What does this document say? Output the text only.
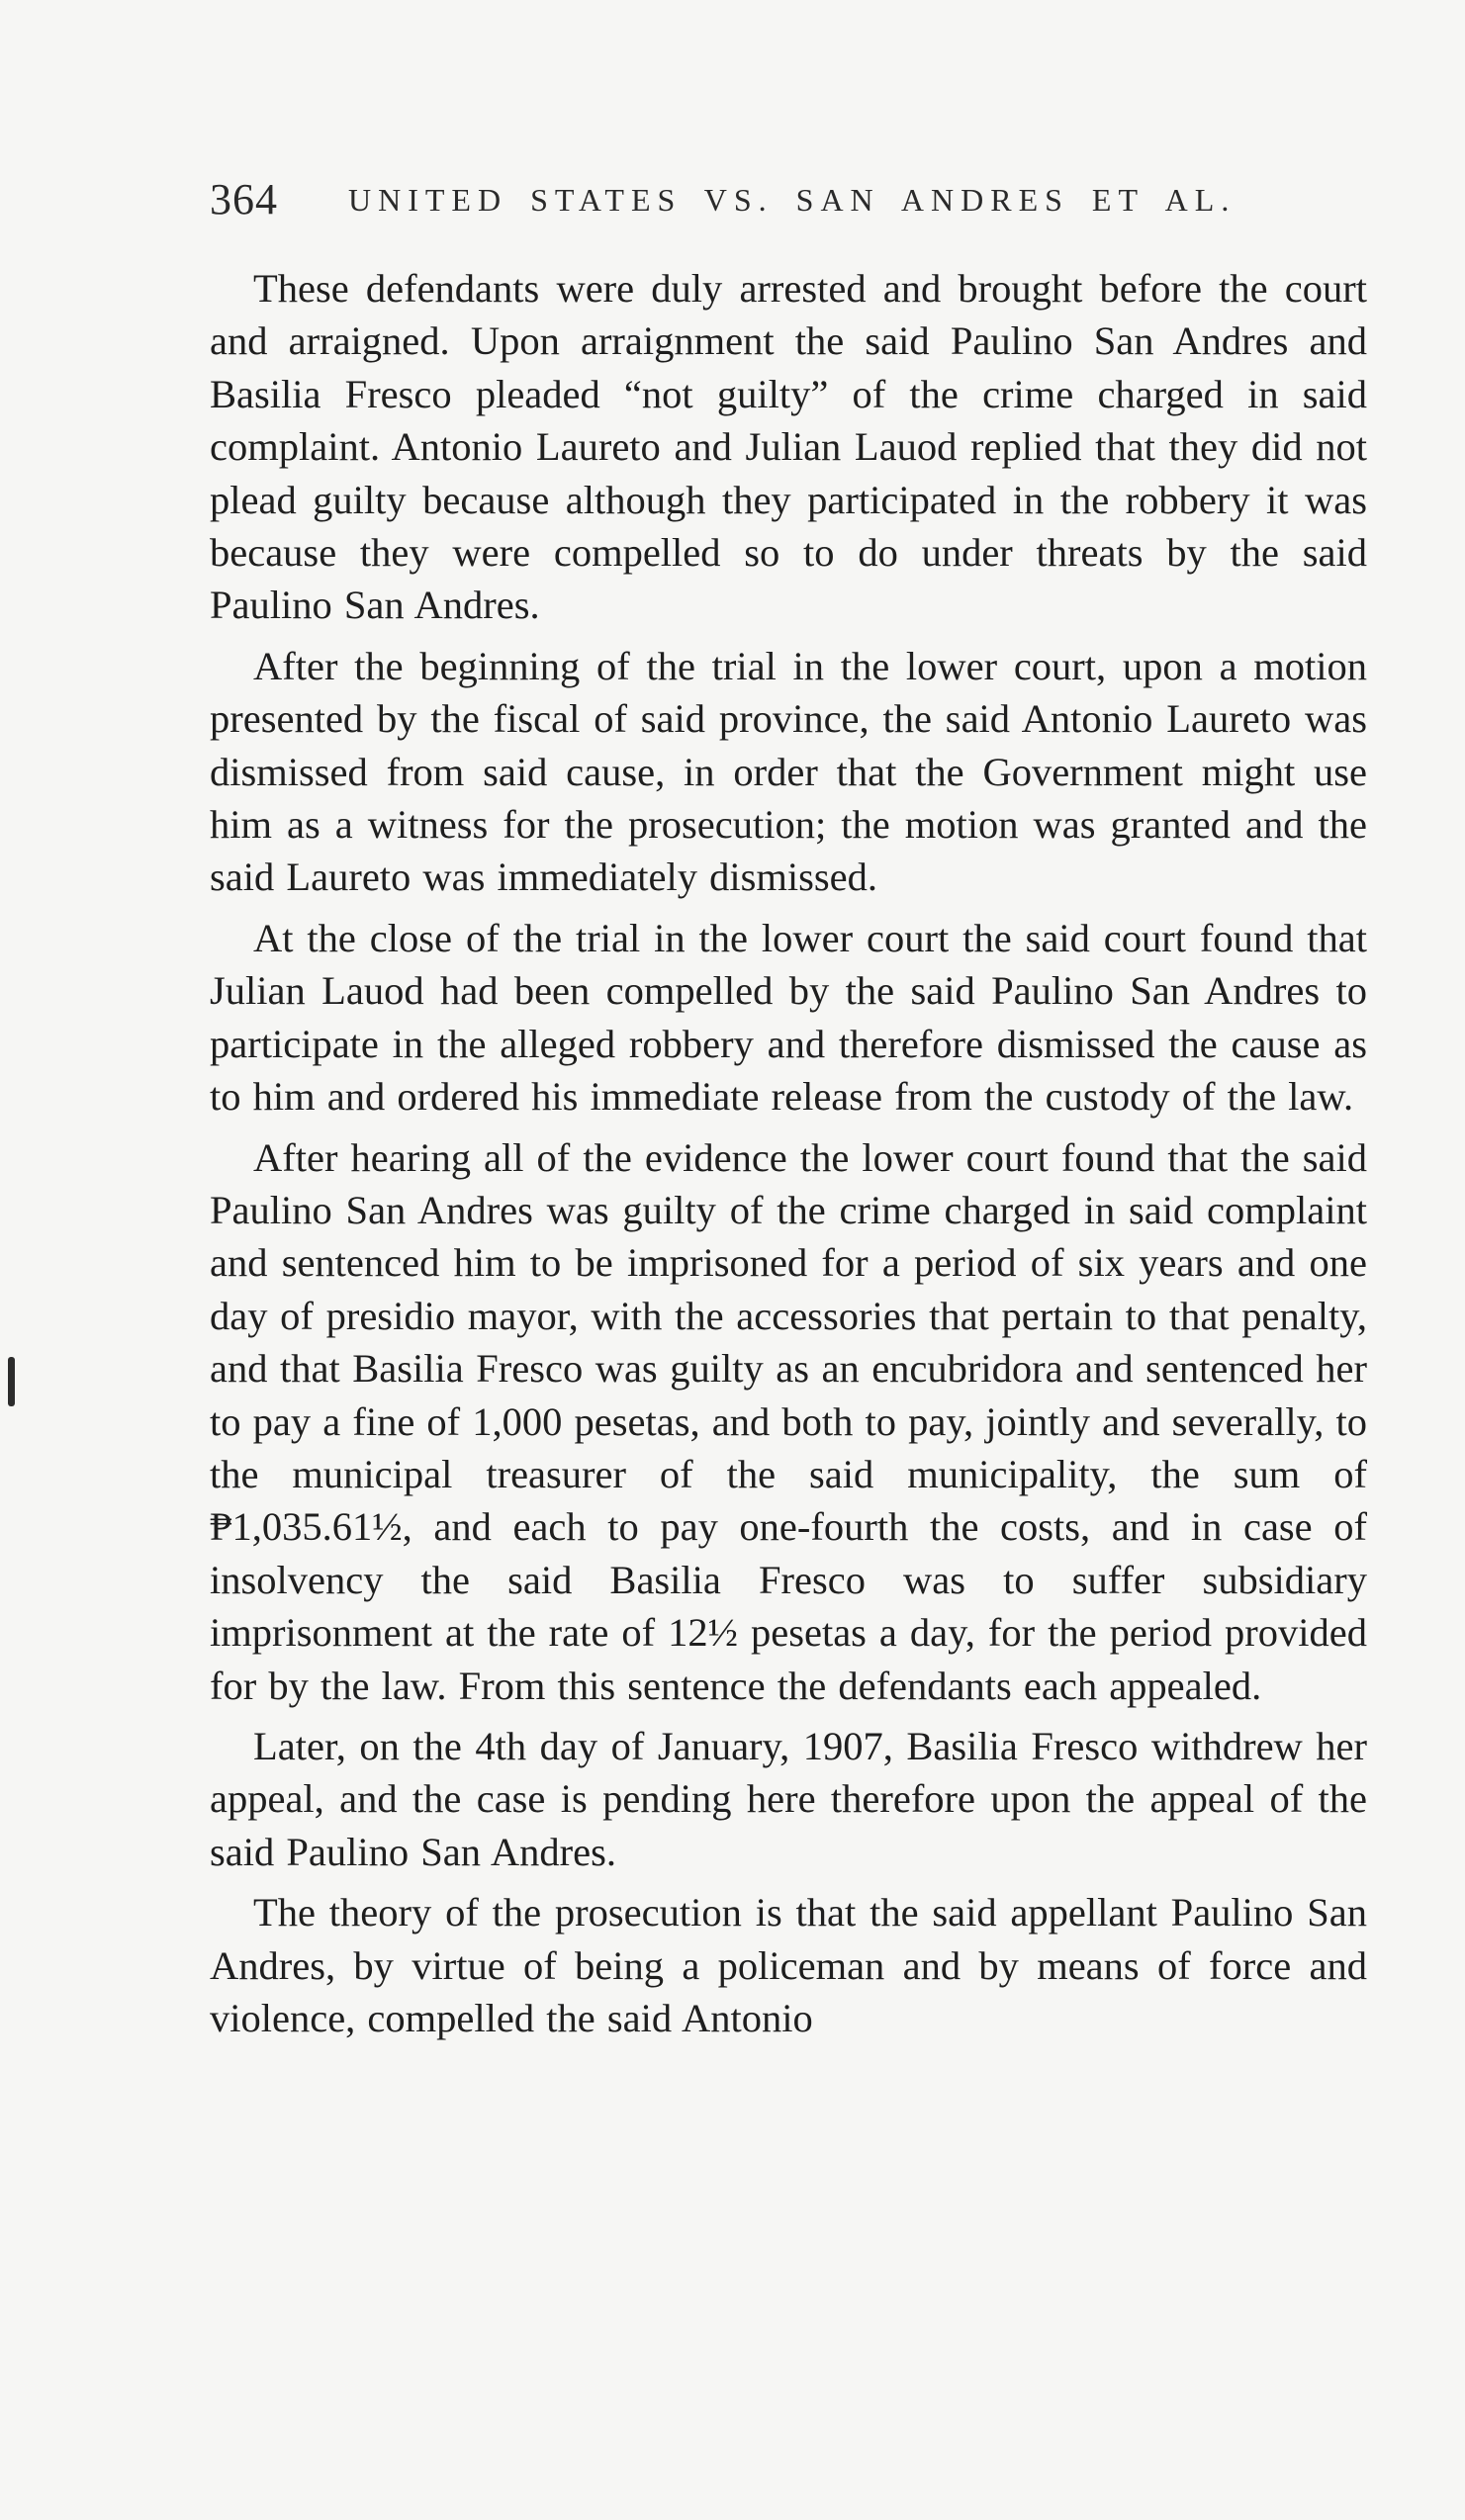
364 UNITED STATES VS. SAN ANDRES ET AL.

These defendants were duly arrested and brought before the court and arraigned. Upon arraignment the said Paulino San Andres and Basilia Fresco pleaded “not guilty” of the crime charged in said complaint. Antonio Laureto and Julian Lauod replied that they did not plead guilty because although they participated in the robbery it was because they were compelled so to do under threats by the said Paulino San Andres.

After the beginning of the trial in the lower court, upon a motion presented by the fiscal of said province, the said Antonio Laureto was dismissed from said cause, in order that the Government might use him as a witness for the prosecution; the motion was granted and the said Laureto was immediately dismissed.

At the close of the trial in the lower court the said court found that Julian Lauod had been compelled by the said Paulino San Andres to participate in the alleged robbery and therefore dismissed the cause as to him and ordered his immediate release from the custody of the law.

After hearing all of the evidence the lower court found that the said Paulino San Andres was guilty of the crime charged in said complaint and sentenced him to be imprisoned for a period of six years and one day of presidio mayor, with the accessories that pertain to that penalty, and that Basilia Fresco was guilty as an encubridora and sentenced her to pay a fine of 1,000 pesetas, and both to pay, jointly and severally, to the municipal treasurer of the said municipality, the sum of ₱1,035.61½, and each to pay one-fourth the costs, and in case of insolvency the said Basilia Fresco was to suffer subsidiary imprisonment at the rate of 12½ pesetas a day, for the period provided for by the law. From this sentence the defendants each appealed.

Later, on the 4th day of January, 1907, Basilia Fresco withdrew her appeal, and the case is pending here therefore upon the appeal of the said Paulino San Andres.

The theory of the prosecution is that the said appellant Paulino San Andres, by virtue of being a policeman and by means of force and violence, compelled the said Antonio
